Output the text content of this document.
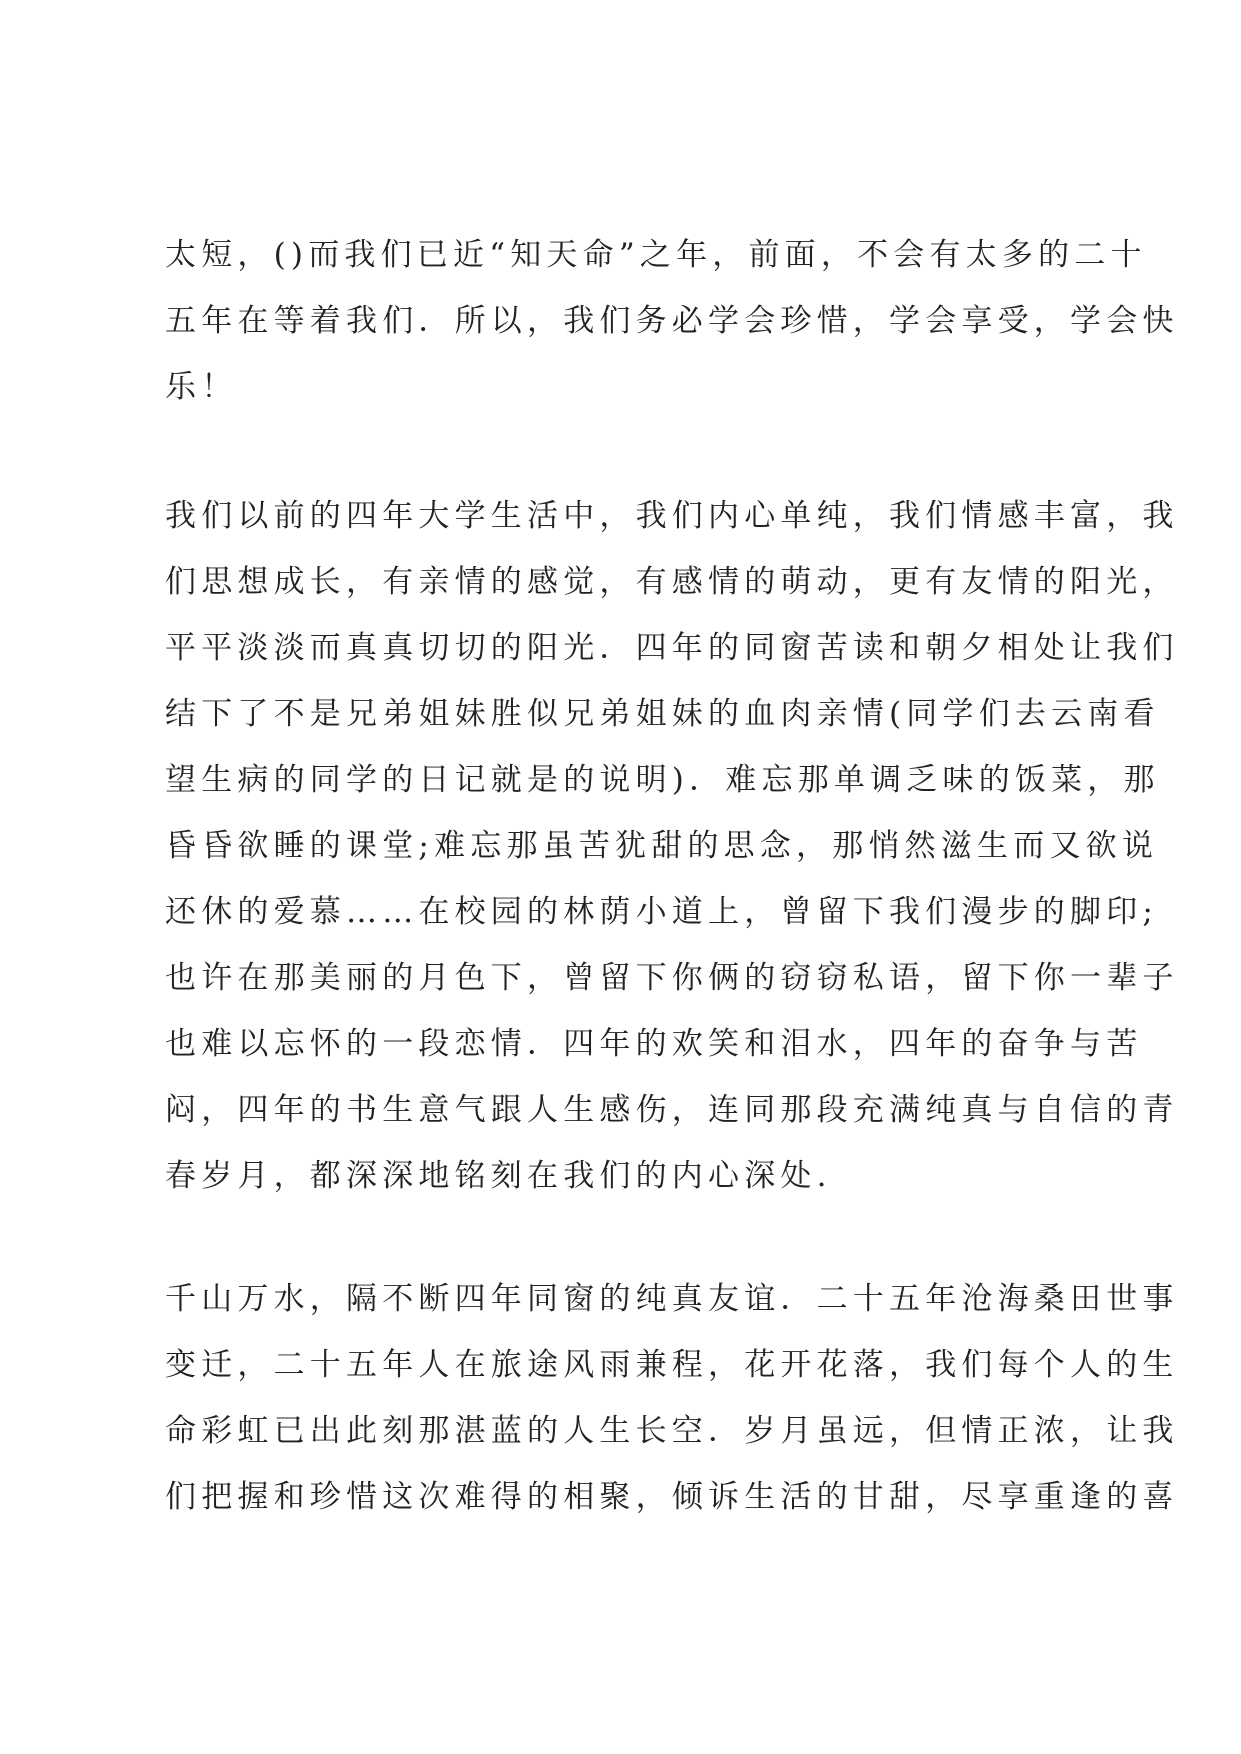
太短，()而我们已近“知天命”之年，前面，不会有太多的二十
五年在等着我们．所以，我们务必学会珍惜，学会享受，学会快
乐！
我们以前的四年大学生活中，我们内心单纯，我们情感丰富，我
们思想成长，有亲情的感觉，有感情的萌动，更有友情的阳光，
平平淡淡而真真切切的阳光．四年的同窗苦读和朝夕相处让我们
结下了不是兄弟姐妹胜似兄弟姐妹的血肉亲情(同学们去云南看
望生病的同学的日记就是的说明)．难忘那单调乏味的饭菜，那
昏昏欲睡的课堂;难忘那虽苦犹甜的思念，那悄然滋生而又欲说
还休的爱慕……在校园的林荫小道上，曾留下我们漫步的脚印;
也许在那美丽的月色下，曾留下你俩的窃窃私语，留下你一辈子
也难以忘怀的一段恋情．四年的欢笑和泪水，四年的奋争与苦
闷，四年的书生意气跟人生感伤，连同那段充满纯真与自信的青
春岁月，都深深地铭刻在我们的内心深处.
千山万水，隔不断四年同窗的纯真友谊．二十五年沧海桑田世事
变迁，二十五年人在旅途风雨兼程，花开花落，我们每个人的生
命彩虹已出此刻那湛蓝的人生长空．岁月虽远，但情正浓，让我
们把握和珍惜这次难得的相聚，倾诉生活的甘甜，尽享重逢的喜
